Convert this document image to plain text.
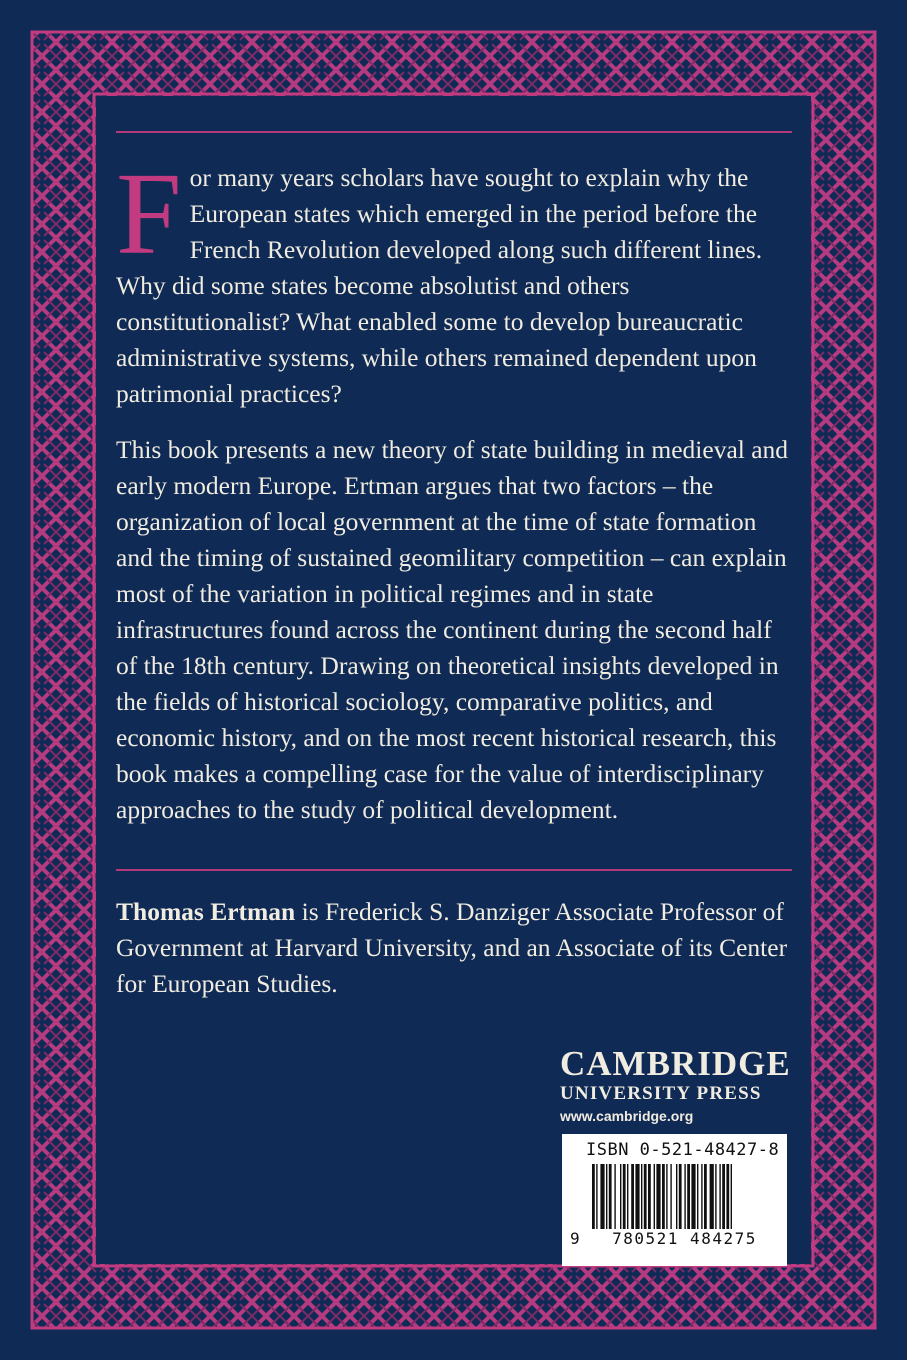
For many years scholars have sought to explain why the European states which emerged in the period before the French Revolution developed along such different lines. Why did some states become absolutist and others constitutionalist? What enabled some to develop bureaucratic administrative systems, while others remained dependent upon patrimonial practices?

This book presents a new theory of state building in medieval and early modern Europe. Ertman argues that two factors – the organization of local government at the time of state formation and the timing of sustained geomilitary competition – can explain most of the variation in political regimes and in state infrastructures found across the continent during the second half of the 18th century. Drawing on theoretical insights developed in the fields of historical sociology, comparative politics, and economic history, and on the most recent historical research, this book makes a compelling case for the value of interdisciplinary approaches to the study of political development.

Thomas Ertman is Frederick S. Danziger Associate Professor of Government at Harvard University, and an Associate of its Center for European Studies.

CAMBRIDGE
UNIVERSITY PRESS
www.cambridge.org
ISBN 0-521-48427-8
9	780521 484275
